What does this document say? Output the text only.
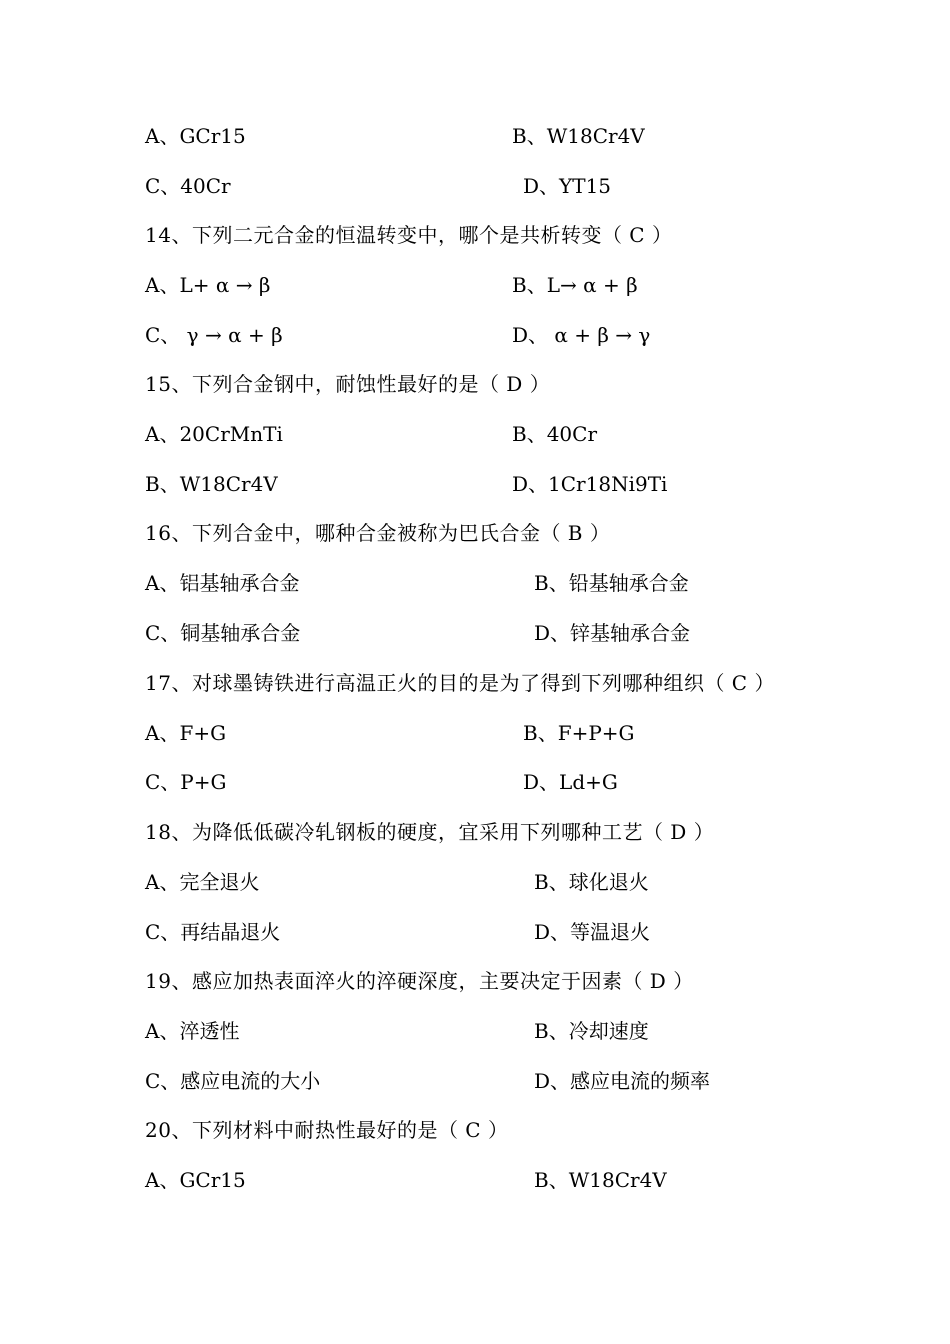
A、GCr15	B、W18Cr4V
C、40Cr	D、YT15
14、下列二元合金的恒温转变中，哪个是共析转变（ C ）
A、L+ α → β	B、L→ α + β
C、 γ → α + β	D、 α + β → γ
15、下列合金钢中，耐蚀性最好的是（ D ）
A、20CrMnTi	B、40Cr
B、W18Cr4V	D、1Cr18Ni9Ti
16、下列合金中，哪种合金被称为巴氏合金（ B ）
A、铝基轴承合金	B、铅基轴承合金
C、铜基轴承合金	D、锌基轴承合金
17、对球墨铸铁进行高温正火的目的是为了得到下列哪种组织（ C ）
A、F+G	B、F+P+G
C、P+G	D、Ld+G
18、为降低低碳冷轧钢板的硬度，宜采用下列哪种工艺（ D ）
A、完全退火	B、球化退火
C、再结晶退火	D、等温退火
19、感应加热表面淬火的淬硬深度，主要决定于因素（ D ）
A、淬透性	B、冷却速度
C、感应电流的大小	D、感应电流的频率
20、下列材料中耐热性最好的是（ C ）
A、GCr15	B、W18Cr4V
